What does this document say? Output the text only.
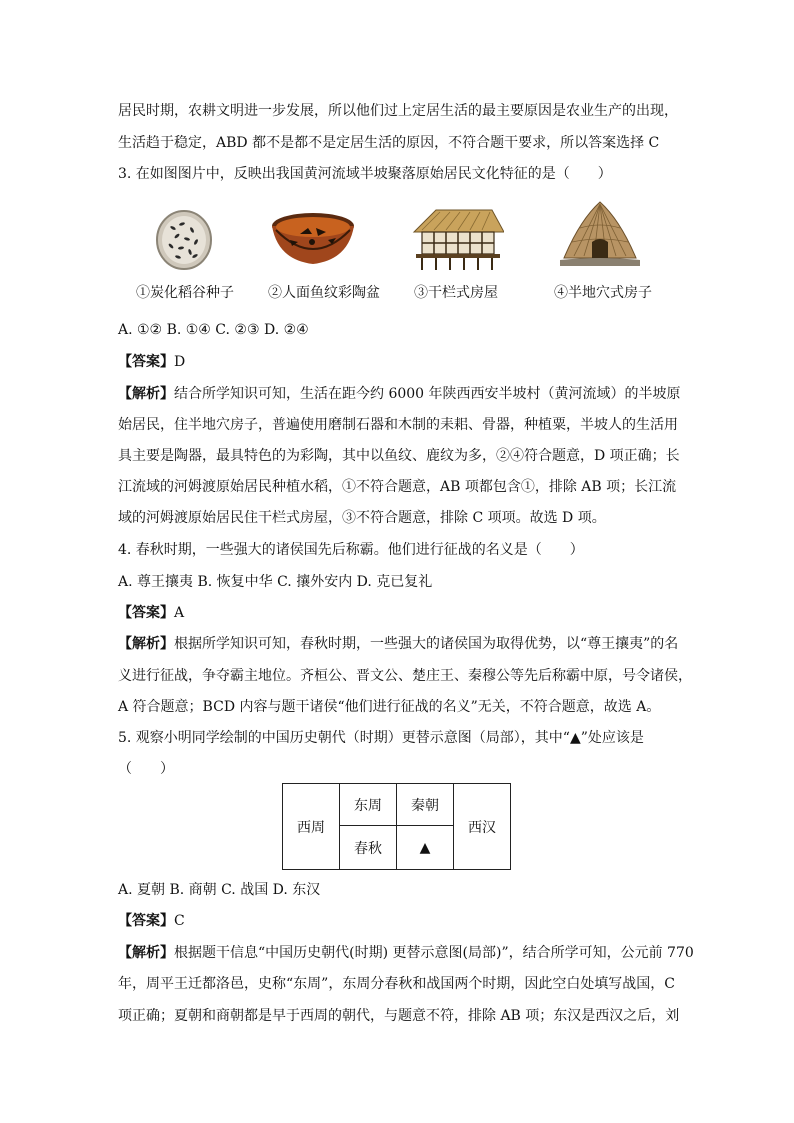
居民时期，农耕文明进一步发展，所以他们过上定居生活的最主要原因是农业生产的出现，
生活趋于稳定，ABD 都不是都不是定居生活的原因，不符合题干要求，所以答案选择 C
3. 在如图图片中，反映出我国黄河流域半坡聚落原始居民文化特征的是（　　）
①炭化稻谷种子 ②人面鱼纹彩陶盆 ③干栏式房屋	④半地穴式房子
A. ①② B. ①④ C. ②③ D. ②④
【答案】D
【解析】结合所学知识可知，生活在距今约 6000 年陕西西安半坡村（黄河流域）的半坡原
始居民，住半地穴房子，普遍使用磨制石器和木制的耒耜、骨器，种植粟，半坡人的生活用
具主要是陶器，最具特色的为彩陶，其中以鱼纹、鹿纹为多，②④符合题意，D 项正确；长
江流域的河姆渡原始居民种植水稻，①不符合题意，AB 项都包含①，排除 AB 项；长江流
域的河姆渡原始居民住干栏式房屋，③不符合题意，排除 C 项项。故选 D 项。
4. 春秋时期，一些强大的诸侯国先后称霸。他们进行征战的名义是（　　）
A. 尊王攘夷 B. 恢复中华 C. 攘外安内 D. 克已复礼
【答案】A
【解析】根据所学知识可知，春秋时期，一些强大的诸侯国为取得优势，以“尊王攘夷”的名
义进行征战，争夺霸主地位。齐桓公、晋文公、楚庄王、秦穆公等先后称霸中原，号令诸侯，
A 符合题意；BCD 内容与题干诸侯“他们进行征战的名义”无关，不符合题意，故选 A。
5. 观察小明同学绘制的中国历史朝代（时期）更替示意图（局部），其中“▲”处应该是
（　　）
西周	东周	秦朝	西汉
	春秋	▲	
A. 夏朝 B. 商朝 C. 战国 D. 东汉
【答案】C
【解析】根据题干信息“中国历史朝代(时期) 更替示意图(局部)”，结合所学可知，公元前 770
年，周平王迁都洛邑，史称“东周”，东周分春秋和战国两个时期，因此空白处填写战国，C
项正确；夏朝和商朝都是早于西周的朝代，与题意不符，排除 AB 项；东汉是西汉之后，刘
